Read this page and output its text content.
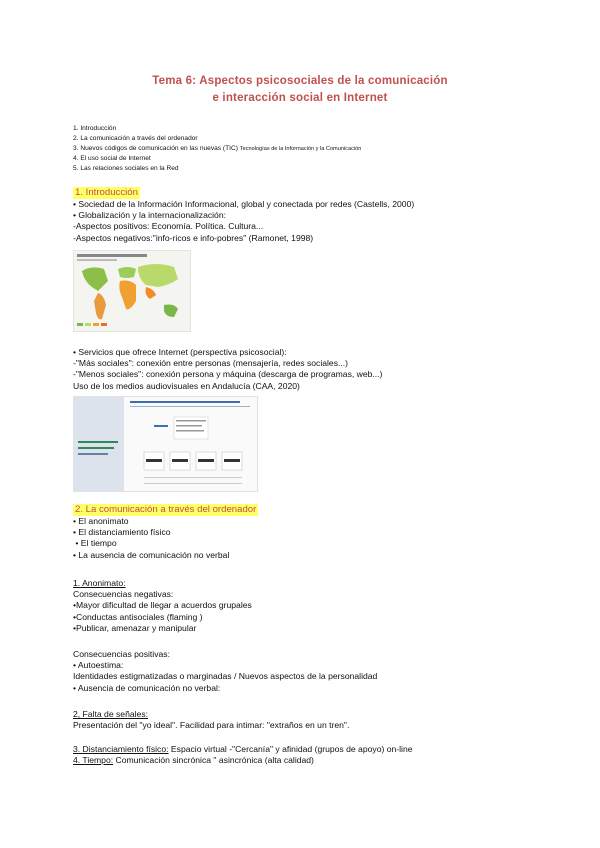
Tema 6: Aspectos psicosociales de la comunicación
e interacción social en Internet
1. Introducción
2. La comunicación a través del ordenador
3. Nuevos códigos de comunicación en las nuevas (TIC) Tecnologías de la Información y la Comunicación
4. El uso social de Internet
5. Las relaciones sociales en la Red
1. Introducción
• Sociedad de la Información Informacional, global y conectada por redes (Castells, 2000)
• Globalización y la internacionalización:
-Aspectos positivos: Economía. Política. Cultura...
-Aspectos negativos:"info-ricos e info-pobres" (Ramonet, 1998)
• Servicios que ofrece Internet (perspectiva psicosocial):
-"Más sociales": conexión entre personas (mensajería, redes sociales...)
-"Menos sociales": conexión persona y máquina (descarga de programas, web...)
Uso de los medios audiovisuales en Andalucía (CAA, 2020)
2. La comunicación a través del ordenador
• El anonimato
• El distanciamiento físico
• El tiempo
• La ausencia de comunicación no verbal
1. Anonimato:
Consecuencias negativas:
•Mayor dificultad de llegar a acuerdos grupales
•Conductas antisociales (flaming )
•Publicar, amenazar y manipular
Consecuencias positivas:
• Autoestima:
Identidades estigmatizadas o marginadas / Nuevos aspectos de la personalidad
• Ausencia de comunicación no verbal:
2, Falta de señales:
Presentación del "yo ideal". Facilidad para intimar: "extraños en un tren".
3. Distanciamiento físico: Espacio virtual -"Cercanía" y afinidad (grupos de apoyo) on-line
4. Tiempo: Comunicación sincrónica " asincrónica (alta calidad)
